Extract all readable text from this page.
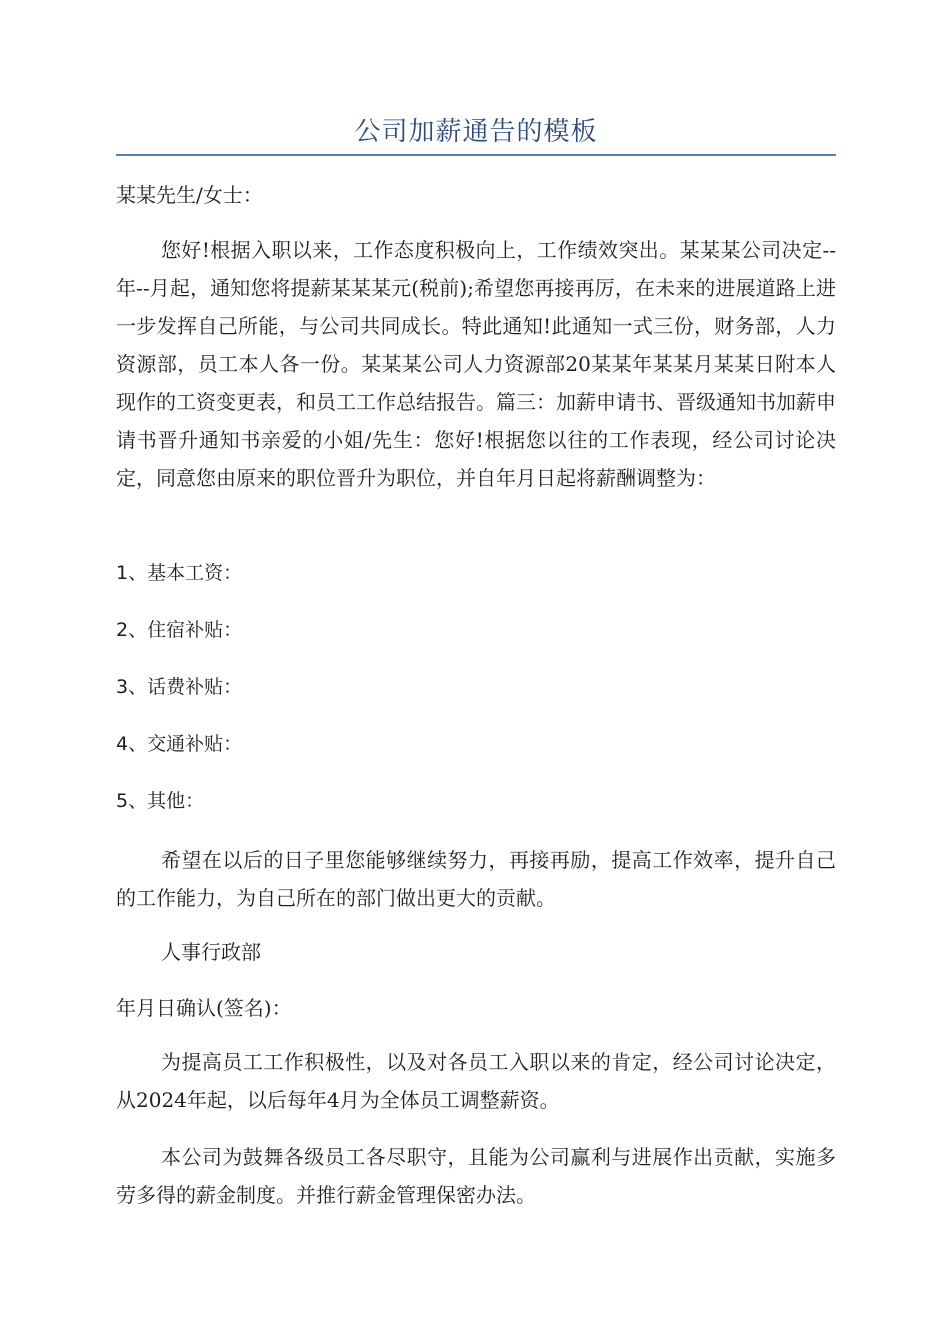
公司加薪通告的模板

某某先生/女士：

您好!根据入职以来，工作态度积极向上，工作绩效突出。某某某公司决定--年--月起，通知您将提薪某某某元(税前);希望您再接再厉，在未来的进展道路上进一步发挥自己所能，与公司共同成长。特此通知!此通知一式三份，财务部，人力资源部，员工本人各一份。某某某公司人力资源部20某某年某某月某某日附本人现作的工资变更表，和员工工作总结报告。篇三：加薪申请书、晋级通知书加薪申请书晋升通知书亲爱的小姐/先生：您好!根据您以往的工作表现，经公司讨论决定，同意您由原来的职位晋升为职位，并自年月日起将薪酬调整为：

1、基本工资：

2、住宿补贴：

3、话费补贴：

4、交通补贴：

5、其他：

希望在以后的日子里您能够继续努力，再接再励，提高工作效率，提升自己的工作能力，为自己所在的部门做出更大的贡献。

人事行政部

年月日确认(签名)：

为提高员工工作积极性，以及对各员工入职以来的肯定，经公司讨论决定，从2024年起，以后每年4月为全体员工调整薪资。

本公司为鼓舞各级员工各尽职守，且能为公司赢利与进展作出贡献，实施多劳多得的薪金制度。并推行薪金管理保密办法。
